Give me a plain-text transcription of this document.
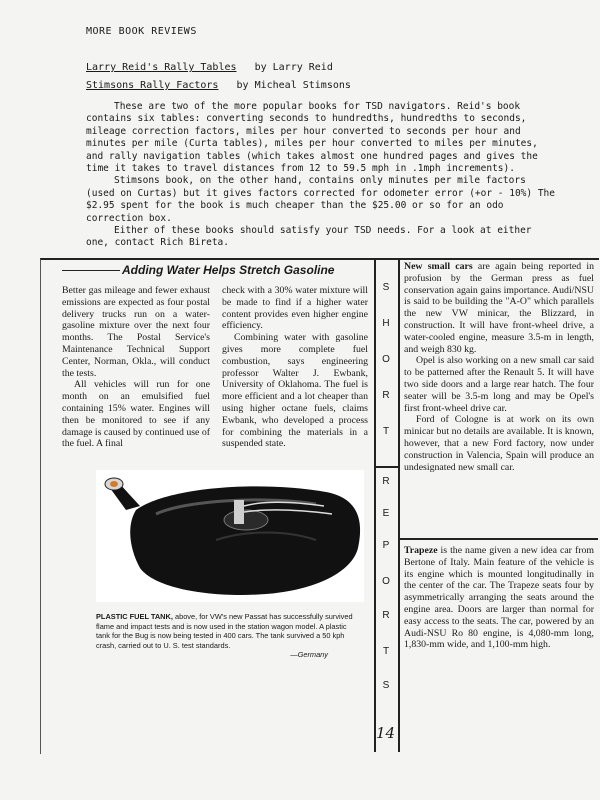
MORE BOOK REVIEWS
Larry Reid's Rally Tables by Larry Reid
Stimsons Rally Factors by Micheal Stimsons

These are two of the more popular books for TSD navigators. Reid's book contains six tables: converting seconds to hundredths, hundredths to seconds, mileage correction factors, miles per hour converted to seconds per hour and minutes per mile (Curta tables), miles per hour converted to miles per minutes, and rally navigation tables (which takes almost one hundred pages and gives the time it takes to travel distances from 12 to 59.5 mph in .1mph increments).

Stimsons book, on the other hand, contains only minutes per mile factors (used on Curtas) but it gives factors corrected for odometer error (+or - 10%) The $2.95 spent for the book is much cheaper than the $25.00 or so for an odo correction box.

Either of these books should satisfy your TSD needs. For a look at either one, contact Rich Bireta.

Adding Water Helps Stretch Gasoline

Better gas mileage and fewer exhaust emissions are expected as four postal delivery trucks run on a water-gasoline mixture over the next four months. The Postal Service's Maintenance Technical Support Center, Norman, Okla., will conduct the tests.

All vehicles will run for one month on an emulsified fuel containing 15% water. Engines will then be monitored to see if any damage is caused by continued use of the fuel. A final

check with a 30% water mixture will be made to find if a higher water content provides even higher engine efficiency.

Combining water with gasoline gives more complete fuel combustion, says engineering professor Walter J. Ewbank, University of Oklahoma. The fuel is more efficient and a lot cheaper than using higher octane fuels, claims Ewbank, who developed a process for combining the materials in a suspended state.

S
H
O
R
T
R
E
P
O
R
T
S
PLASTIC FUEL TANK, above, for VW's new Passat has successfully survived flame and impact tests and is now used in the station wagon model. A plastic tank for the Bug is now being tested in 400 cars. The tank survived a 50 kph crash, carried out to U. S. test standards.

—Germany

New small cars are again being reported in profusion by the German press as fuel conservation again gains importance. Audi/NSU is said to be building the "A-O" which parallels the new VW minicar, the Blizzard, in construction. It will have front-wheel drive, a water-cooled engine, measure 3.5-m in length, and weigh 830 kg.

Opel is also working on a new small car said to be patterned after the Renault 5. It will have two side doors and a large rear hatch. The four seater will be 3.5-m long and may be Opel's first front-wheel drive car.

Ford of Cologne is at work on its own minicar but no details are available. It is known, however, that a new Ford factory, now under construction in Valencia, Spain will produce an undesignated new small car.

Trapeze is the name given a new idea car from Bertone of Italy. Main feature of the vehicle is its engine which is mounted longitudinally in the center of the car. The Trapeze seats four by asymmetrically arranging the seats around the engine area. Doors are larger than normal for easy access to the seats. The car, powered by an Audi-NSU Ro 80 engine, is 4,080-mm long, 1,830-mm wide, and 1,100-mm high.

14
